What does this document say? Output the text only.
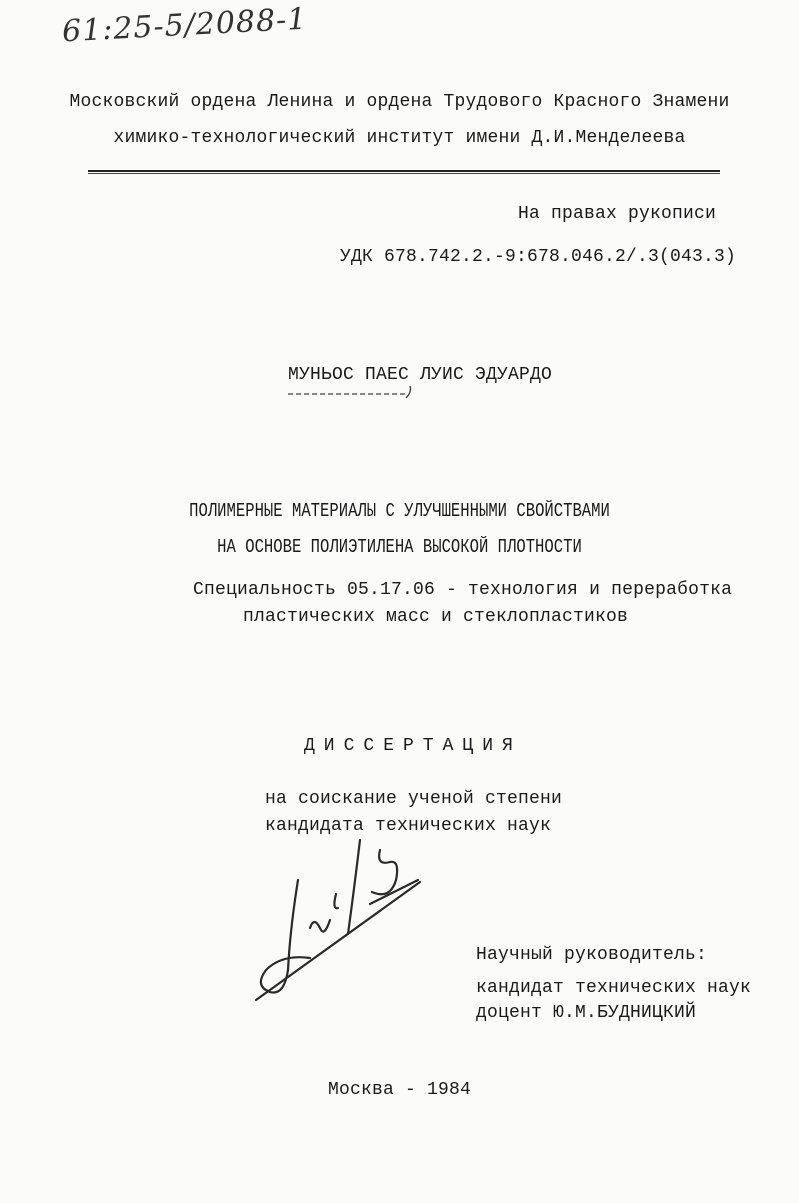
61:25-5/2088-1
Московский ордена Ленина и ордена Трудового Красного Знамени
химико-технологический институт имени Д.И.Менделеева
На правах рукописи
УДК 678.742.2.-9:678.046.2/.3(043.3)
МУНЬОС ПАЕС ЛУИС ЭДУАРДО
ПОЛИМЕРНЫЕ МАТЕРИАЛЫ С УЛУЧШЕННЫМИ СВОЙСТВАМИ
НА ОСНОВЕ ПОЛИЭТИЛЕНА ВЫСОКОЙ ПЛОТНОСТИ
Специальность 05.17.06 - технология и переработка
пластических масс и стеклопластиков
ДИССЕРТАЦИЯ
на соискание ученой степени
кандидата технических наук
Научный руководитель:
кандидат технических наук
доцент Ю.М.БУДНИЦКИЙ
Москва - 1984
